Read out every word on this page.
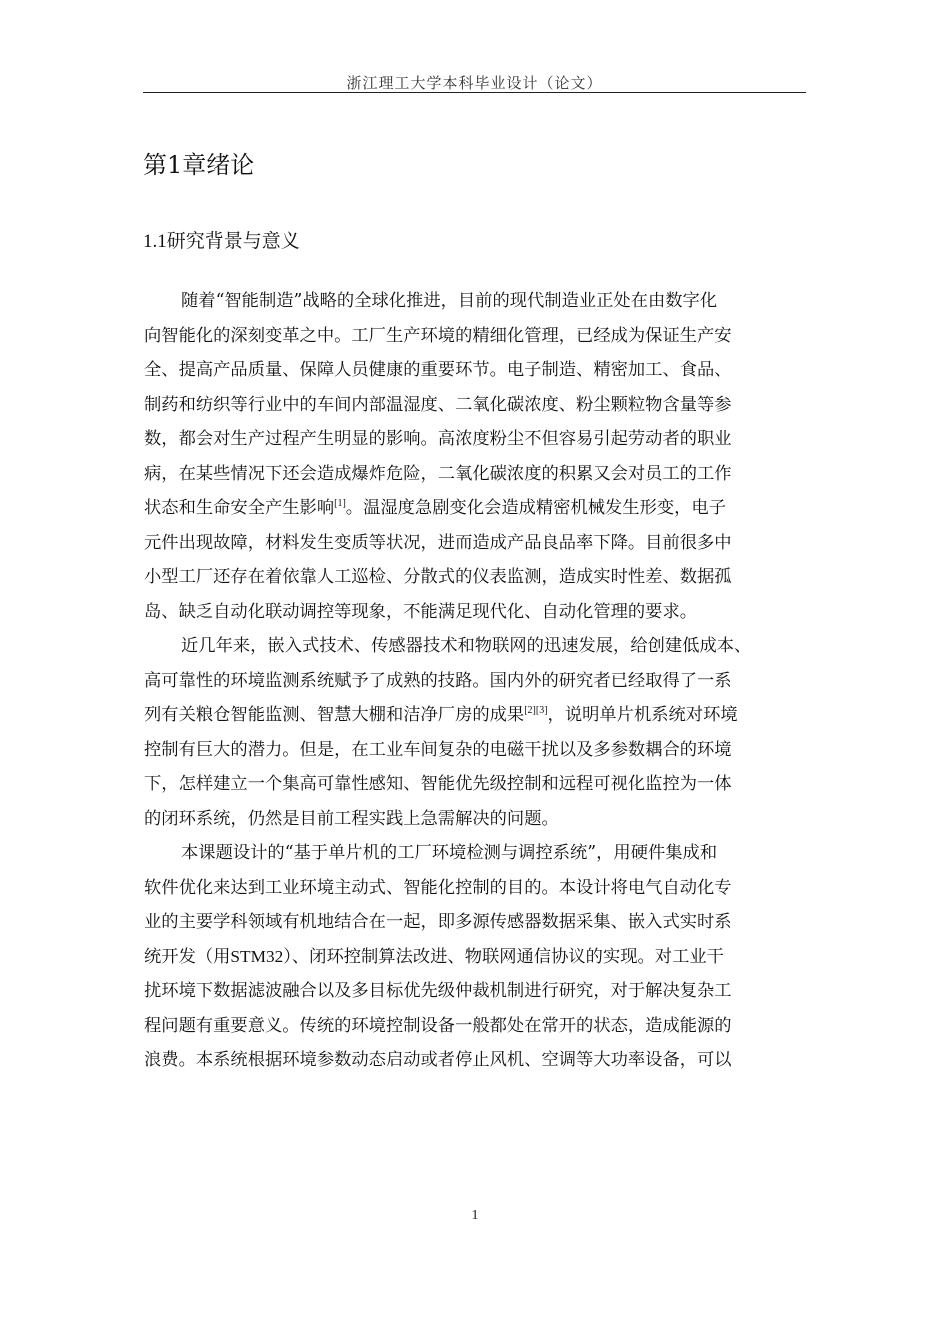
浙江理工大学本科毕业设计（论文）
第1章绪论
1.1研究背景与意义
随着“智能制造”战略的全球化推进，目前的现代制造业正处在由数字化
向智能化的深刻变革之中。工厂生产环境的精细化管理，已经成为保证生产安
全、提高产品质量、保障人员健康的重要环节。电子制造、精密加工、食品、
制药和纺织等行业中的车间内部温湿度、二氧化碳浓度、粉尘颗粒物含量等参
数，都会对生产过程产生明显的影响。高浓度粉尘不但容易引起劳动者的职业
病，在某些情况下还会造成爆炸危险，二氧化碳浓度的积累又会对员工的工作
状态和生命安全产生影响[1]。温湿度急剧变化会造成精密机械发生形变，电子
元件出现故障，材料发生变质等状况，进而造成产品良品率下降。目前很多中
小型工厂还存在着依靠人工巡检、分散式的仪表监测，造成实时性差、数据孤
岛、缺乏自动化联动调控等现象，不能满足现代化、自动化管理的要求。
近几年来，嵌入式技术、传感器技术和物联网的迅速发展，给创建低成本、
高可靠性的环境监测系统赋予了成熟的技路。国内外的研究者已经取得了一系
列有关粮仓智能监测、智慧大棚和洁净厂房的成果[2][3]，说明单片机系统对环境
控制有巨大的潜力。但是，在工业车间复杂的电磁干扰以及多参数耦合的环境
下，怎样建立一个集高可靠性感知、智能优先级控制和远程可视化监控为一体
的闭环系统，仍然是目前工程实践上急需解决的问题。
本课题设计的“基于单片机的工厂环境检测与调控系统”，用硬件集成和
软件优化来达到工业环境主动式、智能化控制的目的。本设计将电气自动化专
业的主要学科领域有机地结合在一起，即多源传感器数据采集、嵌入式实时系
统开发（用STM32）、闭环控制算法改进、物联网通信协议的实现。对工业干
扰环境下数据滤波融合以及多目标优先级仲裁机制进行研究，对于解决复杂工
程问题有重要意义。传统的环境控制设备一般都处在常开的状态，造成能源的
浪费。本系统根据环境参数动态启动或者停止风机、空调等大功率设备，可以
1
